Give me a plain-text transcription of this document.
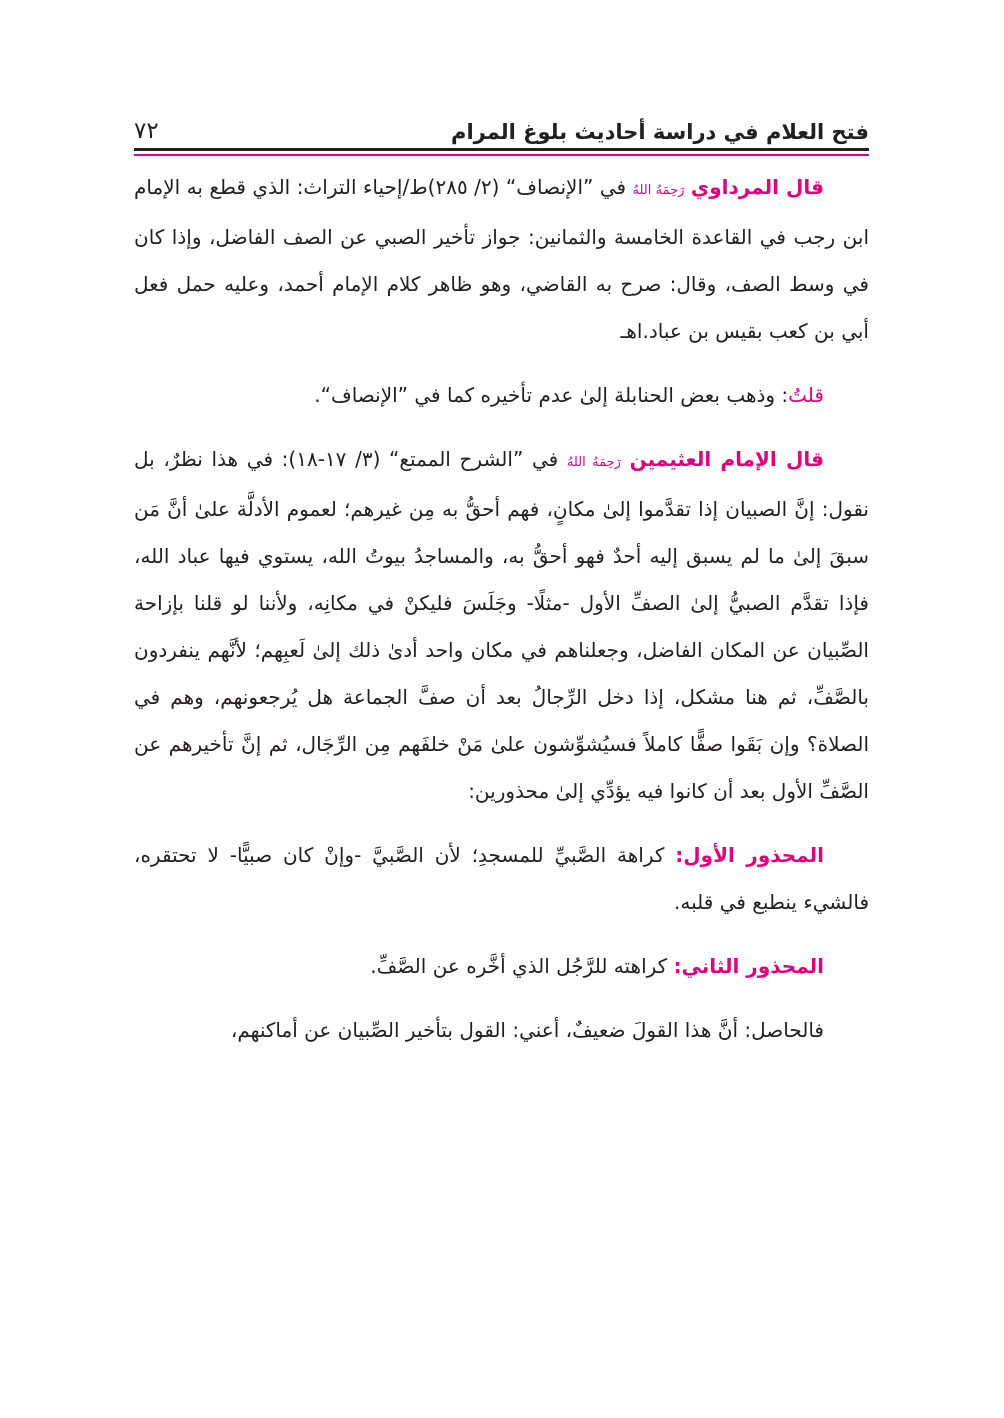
فتح العلام في دراسة أحاديث بلوغ المرام
٧٢

قال المرداوي رَحِمَهُ اللهُ في ”الإنصاف“ (٢/ ٢٨٥)ط/إحياء التراث: الذي قطع به الإمام ابن رجب في القاعدة الخامسة والثمانين: جواز تأخير الصبي عن الصف الفاضل، وإذا كان في وسط الصف، وقال: صرح به القاضي، وهو ظاهر كلام الإمام أحمد، وعليه حمل فعل أبي بن كعب بقيس بن عباد.اهـ

قلتُ: وذهب بعض الحنابلة إلىٰ عدم تأخيره كما في ”الإنصاف“.

قال الإمام العثيمين رَحِمَهُ اللهُ في ”الشرح الممتع“ (٣/ ١٧-١٨): في هذا نظرٌ، بل نقول: إنَّ الصبيان إذا تقدَّموا إلىٰ مكانٍ، فهم أحقُّ به مِن غيرهم؛ لعموم الأدلَّة علىٰ أنَّ مَن سبقَ إلىٰ ما لم يسبق إليه أحدٌ فهو أحقُّ به، والمساجدُ بيوتُ الله، يستوي فيها عباد الله، فإذا تقدَّم الصبيُّ إلىٰ الصفِّ الأول -مثلًا- وجَلَسَ فليكنْ في مكانِه، ولأننا لو قلنا بإزاحة الصِّبيان عن المكان الفاضل، وجعلناهم في مكان واحد أدىٰ ذلك إلىٰ لَعبِهم؛ لأنَّهم ينفردون بالصَّفِّ، ثم هنا مشكل، إذا دخل الرِّجالُ بعد أن صفَّ الجماعة هل يُرجعونهم، وهم في الصلاة؟ وإن بَقَوا صفًّا كاملاً فسيُشوِّشون علىٰ مَنْ خلفَهم مِن الرِّجَال، ثم إنَّ تأخيرهم عن الصَّفِّ الأول بعد أن كانوا فيه يؤدِّي إلىٰ محذورين:

المحذور الأول: كراهة الصَّبيِّ للمسجدِ؛ لأن الصَّبيَّ -وإنْ كان صبيًّا- لا تحتقره، فالشيء ينطبع في قلبه.

المحذور الثاني: كراهته للرَّجُل الذي أخَّره عن الصَّفِّ.

فالحاصل: أنَّ هذا القولَ ضعيفٌ، أعني: القول بتأخير الصِّبيان عن أماكنهم،
